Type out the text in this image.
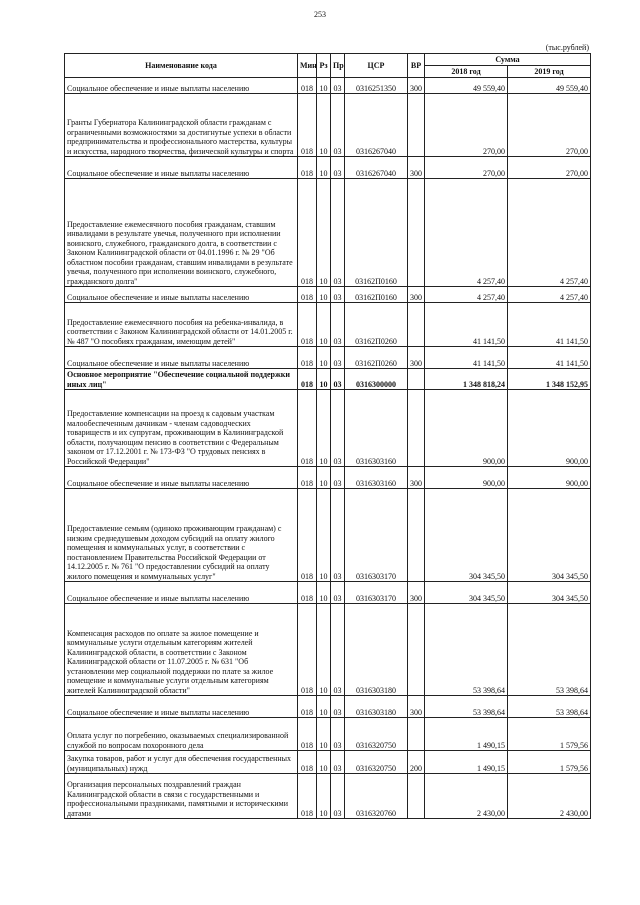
253
(тыс.рублей)
Наименование кода	Мин	Рз	Пр	ЦСР	ВР	Сумма	
						2018 год	2019 год
Социальное обеспечение и иные выплаты населению	018	10	03	0316251350	300	49 559,40	49 559,40
Гранты Губернатора Калининградской области гражданам с ограниченными возможностями за достигнутые успехи в области предпринимательства и профессионального мастерства, культуры и искусства, народного творчества, физической культуры и спорта	018	10	03	0316267040		270,00	270,00
Социальное обеспечение и иные выплаты населению	018	10	03	0316267040	300	270,00	270,00
Предоставление ежемесячного пособия гражданам, ставшим инвалидами в результате увечья, полученного при исполнении воинского, служебного, гражданского долга, в соответствии с Законом Калининградской области от 04.01.1996 г. № 29 "Об областном пособии гражданам, ставшим инвалидами в результате увечья, полученного при исполнении воинского, служебного, гражданского долга"	018	10	03	03162П0160		4 257,40	4 257,40
Социальное обеспечение и иные выплаты населению	018	10	03	03162П0160	300	4 257,40	4 257,40
Предоставление ежемесячного пособия на ребенка-инвалида, в соответствии с Законом Калининградской области от 14.01.2005 г. № 487 "О пособиях гражданам, имеющим детей"	018	10	03	03162П0260		41 141,50	41 141,50
Социальное обеспечение и иные выплаты населению	018	10	03	03162П0260	300	41 141,50	41 141,50
Основное мероприятие "Обеспечение социальной поддержки иных лиц"	018	10	03	0316300000		1 348 818,24	1 348 152,95
Предоставление компенсации на проезд к садовым участкам малообеспеченным дачникам - членам садоводческих товариществ и их супругам, проживающим в Калининградской области, получающим пенсию в соответствии с Федеральным законом от 17.12.2001 г. № 173-ФЗ "О трудовых пенсиях в Российской Федерации"	018	10	03	0316303160		900,00	900,00
Социальное обеспечение и иные выплаты населению	018	10	03	0316303160	300	900,00	900,00
Предоставление семьям (одиноко проживающим гражданам) с низким среднедушевым доходом субсидий на оплату жилого помещения и коммунальных услуг, в соответствии с постановлением Правительства Российской Федерации от 14.12.2005 г. № 761 "О предоставлении субсидий на оплату жилого помещения и коммунальных услуг"	018	10	03	0316303170		304 345,50	304 345,50
Социальное обеспечение и иные выплаты населению	018	10	03	0316303170	300	304 345,50	304 345,50
Компенсация расходов по оплате за жилое помещение и коммунальные услуги отдельным категориям жителей Калининградской области, в соответствии с Законом Калининградской области от 11.07.2005 г. № 631 "Об установлении мер социальной поддержки по плате за жилое помещение и коммунальные услуги отдельным категориям жителей Калининградской области"	018	10	03	0316303180		53 398,64	53 398,64
Социальное обеспечение и иные выплаты населению	018	10	03	0316303180	300	53 398,64	53 398,64
Оплата услуг по погребению, оказываемых специализированной службой по вопросам похоронного дела	018	10	03	0316320750		1 490,15	1 579,56
Закупка товаров, работ и услуг для обеспечения государственных (муниципальных) нужд	018	10	03	0316320750	200	1 490,15	1 579,56
Организация персональных поздравлений граждан Калининградской области в связи с государственными и профессиональными праздниками, памятными и историческими датами	018	10	03	0316320760		2 430,00	2 430,00
